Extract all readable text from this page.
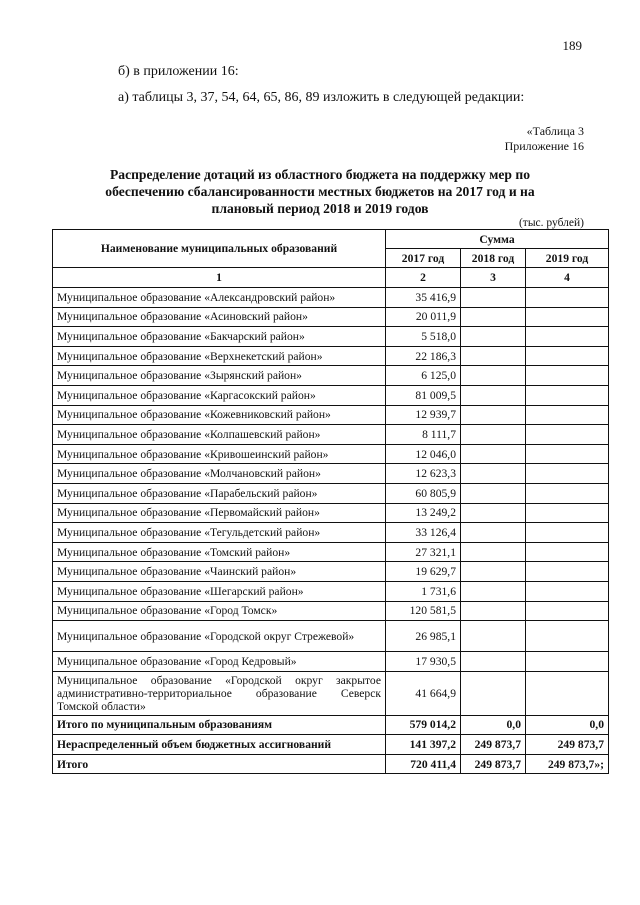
189
б) в приложении 16:
а) таблицы 3, 37, 54, 64, 65, 86, 89 изложить в следующей редакции:
«Таблица 3
Приложение 16
Распределение дотаций из областного бюджета на поддержку мер по обеспечению сбалансированности местных бюджетов на 2017 год и на плановый период 2018 и 2019 годов
(тыс. рублей)
Наименование муниципальных образований	Сумма		
	2017 год	2018 год	2019 год
1	2	3	4
Муниципальное образование «Александровский район»	35 416,9		
Муниципальное образование «Асиновский район»	20 011,9		
Муниципальное образование «Бакчарский район»	5 518,0		
Муниципальное образование «Верхнекетский район»	22 186,3		
Муниципальное образование «Зырянский район»	6 125,0		
Муниципальное образование «Каргасокский район»	81 009,5		
Муниципальное образование «Кожевниковский район»	12 939,7		
Муниципальное образование «Колпашевский район»	8 111,7		
Муниципальное образование «Кривошеинский район»	12 046,0		
Муниципальное образование «Молчановский район»	12 623,3		
Муниципальное образование «Парабельский район»	60 805,9		
Муниципальное образование «Первомайский район»	13 249,2		
Муниципальное образование «Тегульдетский район»	33 126,4		
Муниципальное образование «Томский район»	27 321,1		
Муниципальное образование «Чаинский район»	19 629,7		
Муниципальное образование «Шегарский район»	1 731,6		
Муниципальное образование «Город Томск»	120 581,5		
Муниципальное образование «Городской округ Стрежевой»	26 985,1		
Муниципальное образование «Город Кедровый»	17 930,5		
Муниципальное образование «Городской округ закрытое административно-территориальное образование Северск Томской области»	41 664,9		
Итого по муниципальным образованиям	579 014,2	0,0	0,0
Нераспределенный объем бюджетных ассигнований	141 397,2	249 873,7	249 873,7
Итого	720 411,4	249 873,7	249 873,7»;
